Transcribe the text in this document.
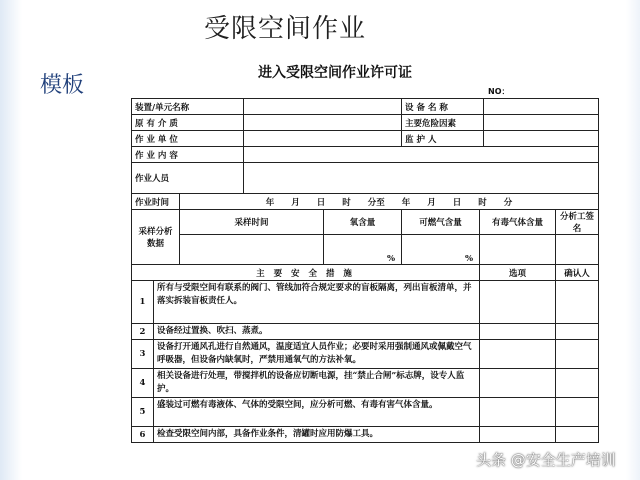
受限空间作业
模板	进入受限空间作业许可证
NO：
装置/单元名称					设 备 名 称			
原 有 介 质					主要危险因素			
作 业 单 位					监 护 人			
作 业 内 容								
作业人员								
作业时间		年　　月　　日　　时　　分至　　年　　月　　日　　时　　分						
采样分析数据		采样时间		氧含量	可燃气含量	有毒气体含量		分析工签名
				%	%			
主 要 安 全 措 施						选项		确认人
1	所有与受限空间有联系的阀门、管线加符合规定要求的盲板隔离，列出盲板清单，并落实拆装盲板责任人。							
2	设备经过置换、吹扫、蒸煮。							
3	设备打开通风孔进行自然通风，温度适宜人员作业；必要时采用强制通风或佩戴空气呼吸器，但设备内缺氧时，严禁用通氧气的方法补氧。							
4	相关设备进行处理，带搅拌机的设备应切断电源，挂“禁止合闸”标志牌，设专人监护。							
5	盛装过可燃有毒液体、气体的受限空间，应分析可燃、有毒有害气体含量。							
6	检查受限空间内部，具备作业条件，清罐时应用防爆工具。							
头条 @安全生产培训
